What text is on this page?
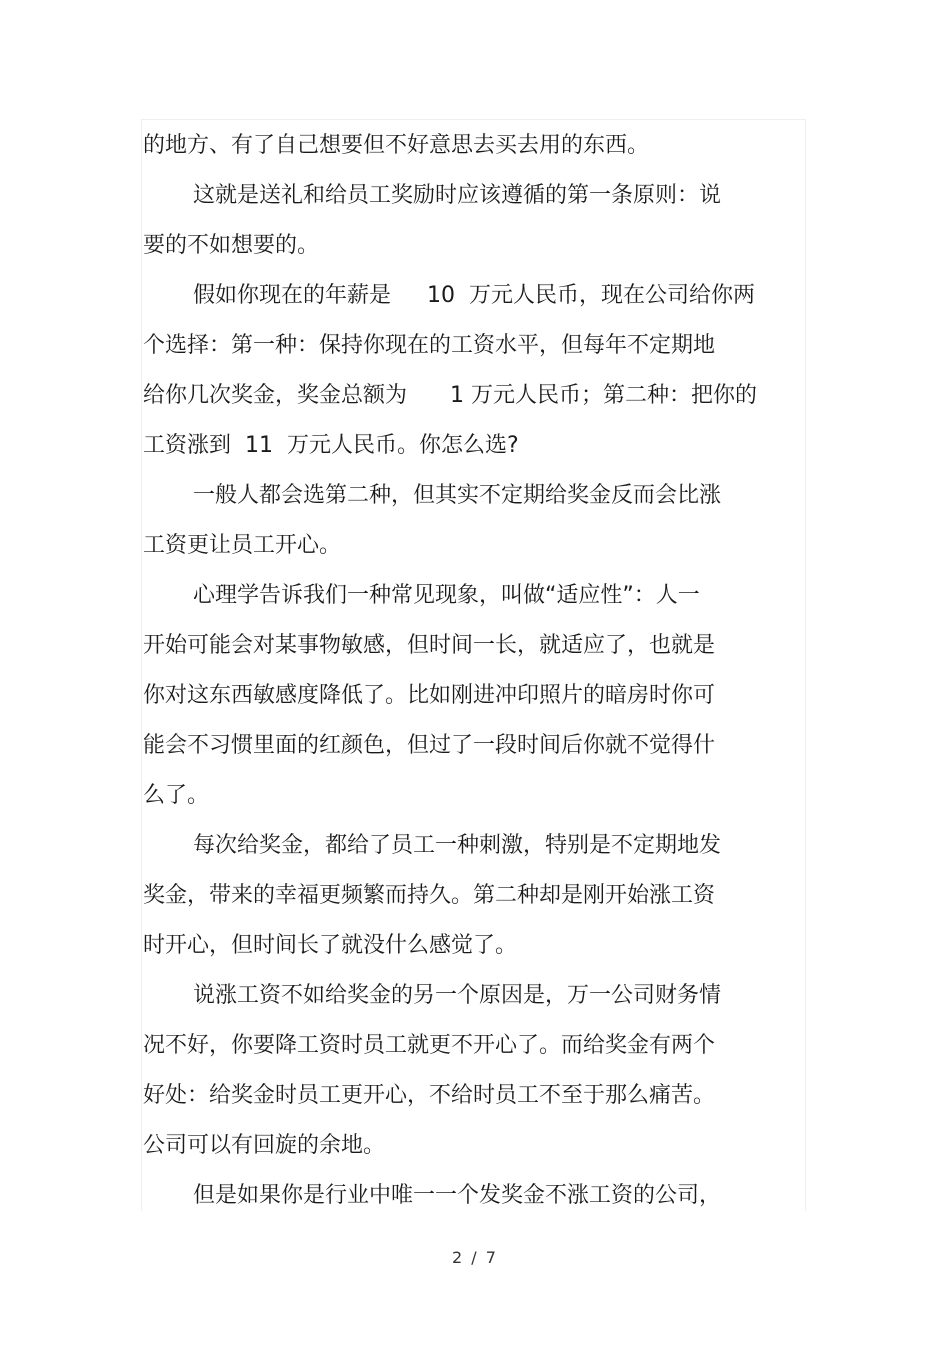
的地方、有了自己想要但不好意思去买去用的东西。
这就是送礼和给员工奖励时应该遵循的第一条原则：说
要的不如想要的。
假如你现在的年薪是　  10  万元人民币，现在公司给你两
个选择：第一种：保持你现在的工资水平，但每年不定期地
给你几次奖金，奖金总额为　   1 万元人民币；第二种：把你的
工资涨到  11  万元人民币。你怎么选?
一般人都会选第二种，但其实不定期给奖金反而会比涨
工资更让员工开心。
心理学告诉我们一种常见现象，叫做“适应性”：人一
开始可能会对某事物敏感，但时间一长，就适应了，也就是
你对这东西敏感度降低了。比如刚进冲印照片的暗房时你可
能会不习惯里面的红颜色，但过了一段时间后你就不觉得什
么了。
每次给奖金，都给了员工一种刺激，特别是不定期地发
奖金，带来的幸福更频繁而持久。第二种却是刚开始涨工资
时开心，但时间长了就没什么感觉了。
说涨工资不如给奖金的另一个原因是，万一公司财务情
况不好，你要降工资时员工就更不开心了。而给奖金有两个
好处：给奖金时员工更开心，不给时员工不至于那么痛苦。
公司可以有回旋的余地。
但是如果你是行业中唯一一个发奖金不涨工资的公司，
2 / 7
